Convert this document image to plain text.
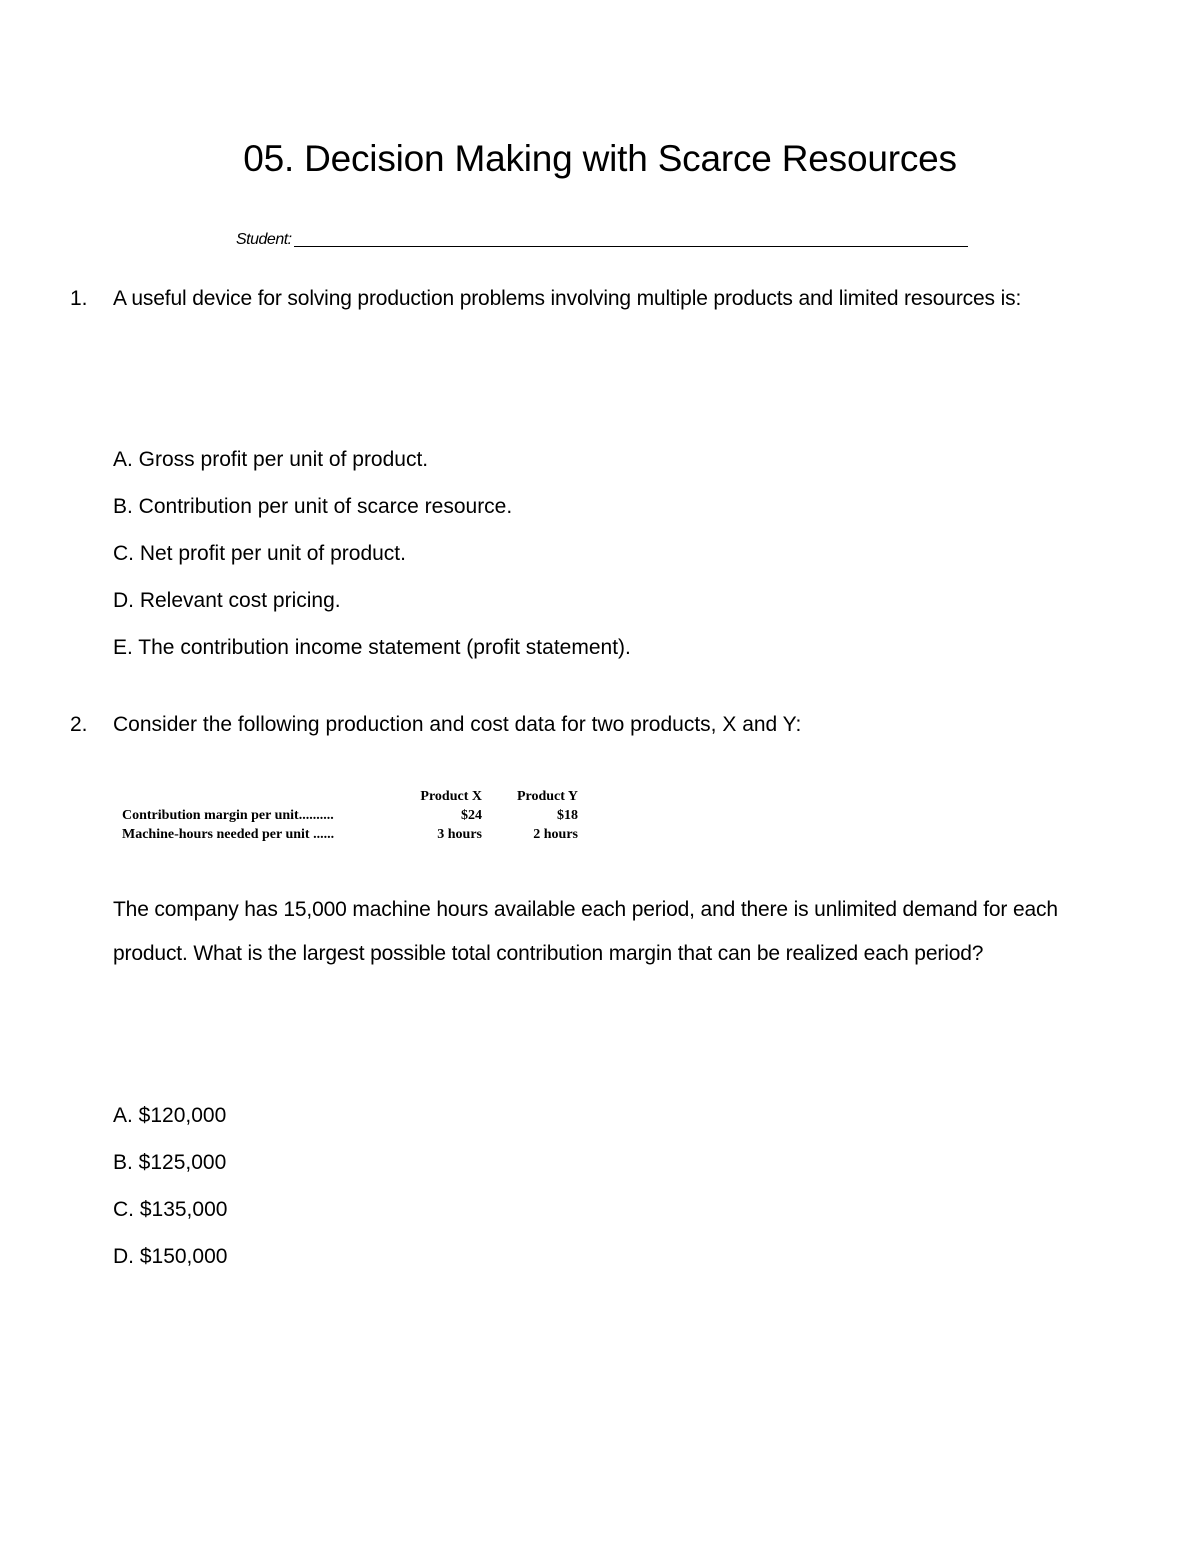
05. Decision Making with Scarce Resources
Student:
1. A useful device for solving production problems involving multiple products and limited resources is:
A. Gross profit per unit of product.
B. Contribution per unit of scarce resource.
C. Net profit per unit of product.
D. Relevant cost pricing.
E. The contribution income statement (profit statement).
2. Consider the following production and cost data for two products, X and Y:
	Product X	Product Y
Contribution margin per unit..........	$24	$18
Machine-hours needed per unit ......	3 hours	2 hours
The company has 15,000 machine hours available each period, and there is unlimited demand for each product. What is the largest possible total contribution margin that can be realized each period?
A. $120,000
B. $125,000
C. $135,000
D. $150,000
